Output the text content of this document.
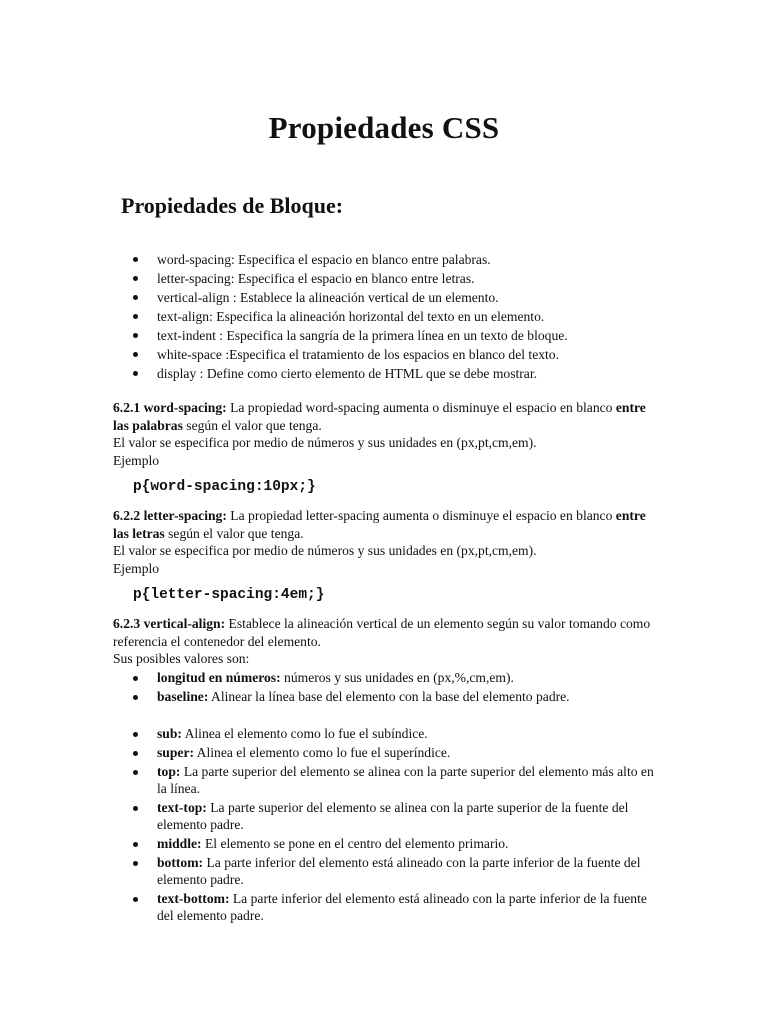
Propiedades CSS
Propiedades de Bloque:
word-spacing: Especifica el espacio en blanco entre palabras.
letter-spacing: Especifica el espacio en blanco entre letras.
vertical-align : Establece la alineación vertical de un elemento.
text-align: Especifica la alineación horizontal del texto en un elemento.
text-indent : Especifica la sangría de la primera línea en un texto de bloque.
white-space :Especifica el tratamiento de los espacios en blanco del texto.
display : Define como cierto elemento de HTML que se debe mostrar.

6.2.1 word-spacing: La propiedad word-spacing aumenta o disminuye el espacio en blanco entre las palabras según el valor que tenga.

El valor se especifica por medio de números y sus unidades en (px,pt,cm,em).

Ejemplo

p{word-spacing:10px;}

6.2.2 letter-spacing: La propiedad letter-spacing aumenta o disminuye el espacio en blanco entre las letras según el valor que tenga.

El valor se especifica por medio de números y sus unidades en (px,pt,cm,em).

Ejemplo

p{letter-spacing:4em;}

6.2.3 vertical-align: Establece la alineación vertical de un elemento según su valor tomando como referencia el contenedor del elemento.

Sus posibles valores son:

longitud en números: números y sus unidades en (px,%,cm,em).
baseline: Alinear la línea base del elemento con la base del elemento padre.
sub: Alinea el elemento como lo fue el subíndice.
super: Alinea el elemento como lo fue el superíndice.
top: La parte superior del elemento se alinea con la parte superior del elemento más alto en la línea.
text-top: La parte superior del elemento se alinea con la parte superior de la fuente del elemento padre.
middle: El elemento se pone en el centro del elemento primario.
bottom: La parte inferior del elemento está alineado con la parte inferior de la fuente del elemento padre.
text-bottom: La parte inferior del elemento está alineado con la parte inferior de la fuente del elemento padre.
